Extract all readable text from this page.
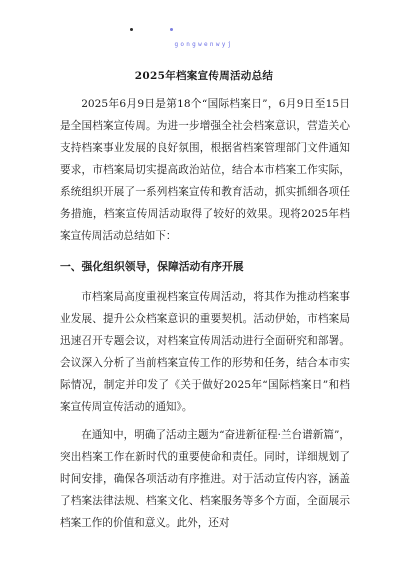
gongwenwyj
2025年档案宣传周活动总结

2025年6月9日是第18个“国际档案日”，6月9日至15日是全国档案宣传周。为进一步增强全社会档案意识，营造关心支持档案事业发展的良好氛围，根据省档案管理部门文件通知要求，市档案局切实提高政治站位，结合本市档案工作实际，系统组织开展了一系列档案宣传和教育活动，抓实抓细各项任务措施，档案宣传周活动取得了较好的效果。现将2025年档案宣传周活动总结如下：

一、强化组织领导，保障活动有序开展

市档案局高度重视档案宣传周活动，将其作为推动档案事业发展、提升公众档案意识的重要契机。活动伊始，市档案局迅速召开专题会议，对档案宣传周活动进行全面研究和部署。会议深入分析了当前档案宣传工作的形势和任务，结合本市实际情况，制定并印发了《关于做好2025年“国际档案日”和档案宣传周宣传活动的通知》。

在通知中，明确了活动主题为“奋进新征程·兰台谱新篇”，突出档案工作在新时代的重要使命和责任。同时，详细规划了时间安排，确保各项活动有序推进。对于活动宣传内容，涵盖了档案法律法规、档案文化、档案服务等多个方面，全面展示档案工作的价值和意义。此外，还对
